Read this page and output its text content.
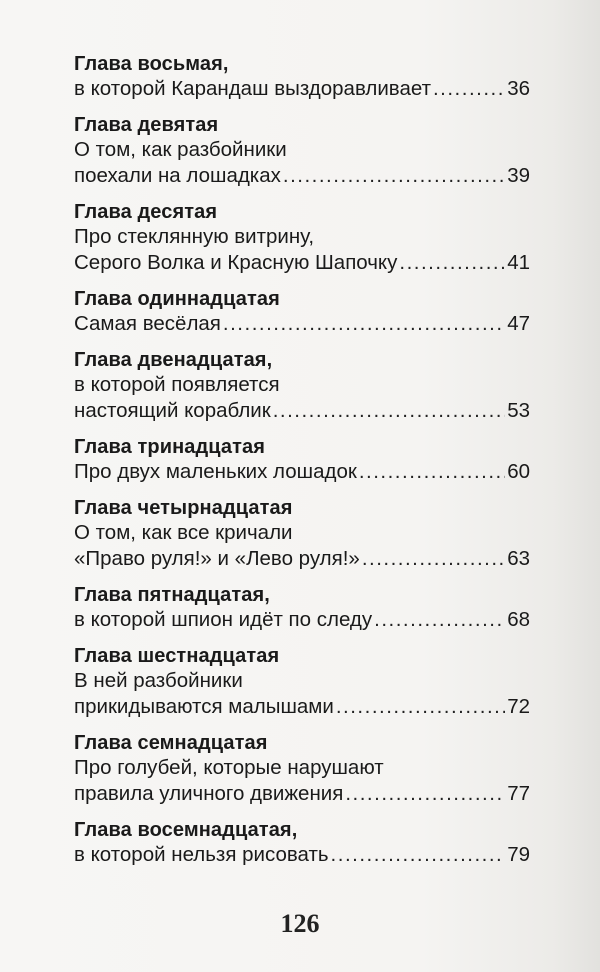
Глава восьмая,
в которой Карандаш выздоравливает .....	36
Глава девятая
О том, как разбойники
поехали на лошадках .....	39
Глава десятая
Про стеклянную витрину,
Серого Волка и Красную Шапочку .....	41
Глава одиннадцатая
Самая весёлая .....	47
Глава двенадцатая,
в которой появляется
настоящий кораблик .....	53
Глава тринадцатая
Про двух маленьких лошадок .....	60
Глава четырнадцатая
О том, как все кричали
«Право руля!» и «Лево руля!» .....	63
Глава пятнадцатая,
в которой шпион идёт по следу .....	68
Глава шестнадцатая
В ней разбойники
прикидываются малышами .....	72
Глава семнадцатая
Про голубей, которые нарушают
правила уличного движения .....	77
Глава восемнадцатая,
в которой нельзя рисовать .....	79
126
